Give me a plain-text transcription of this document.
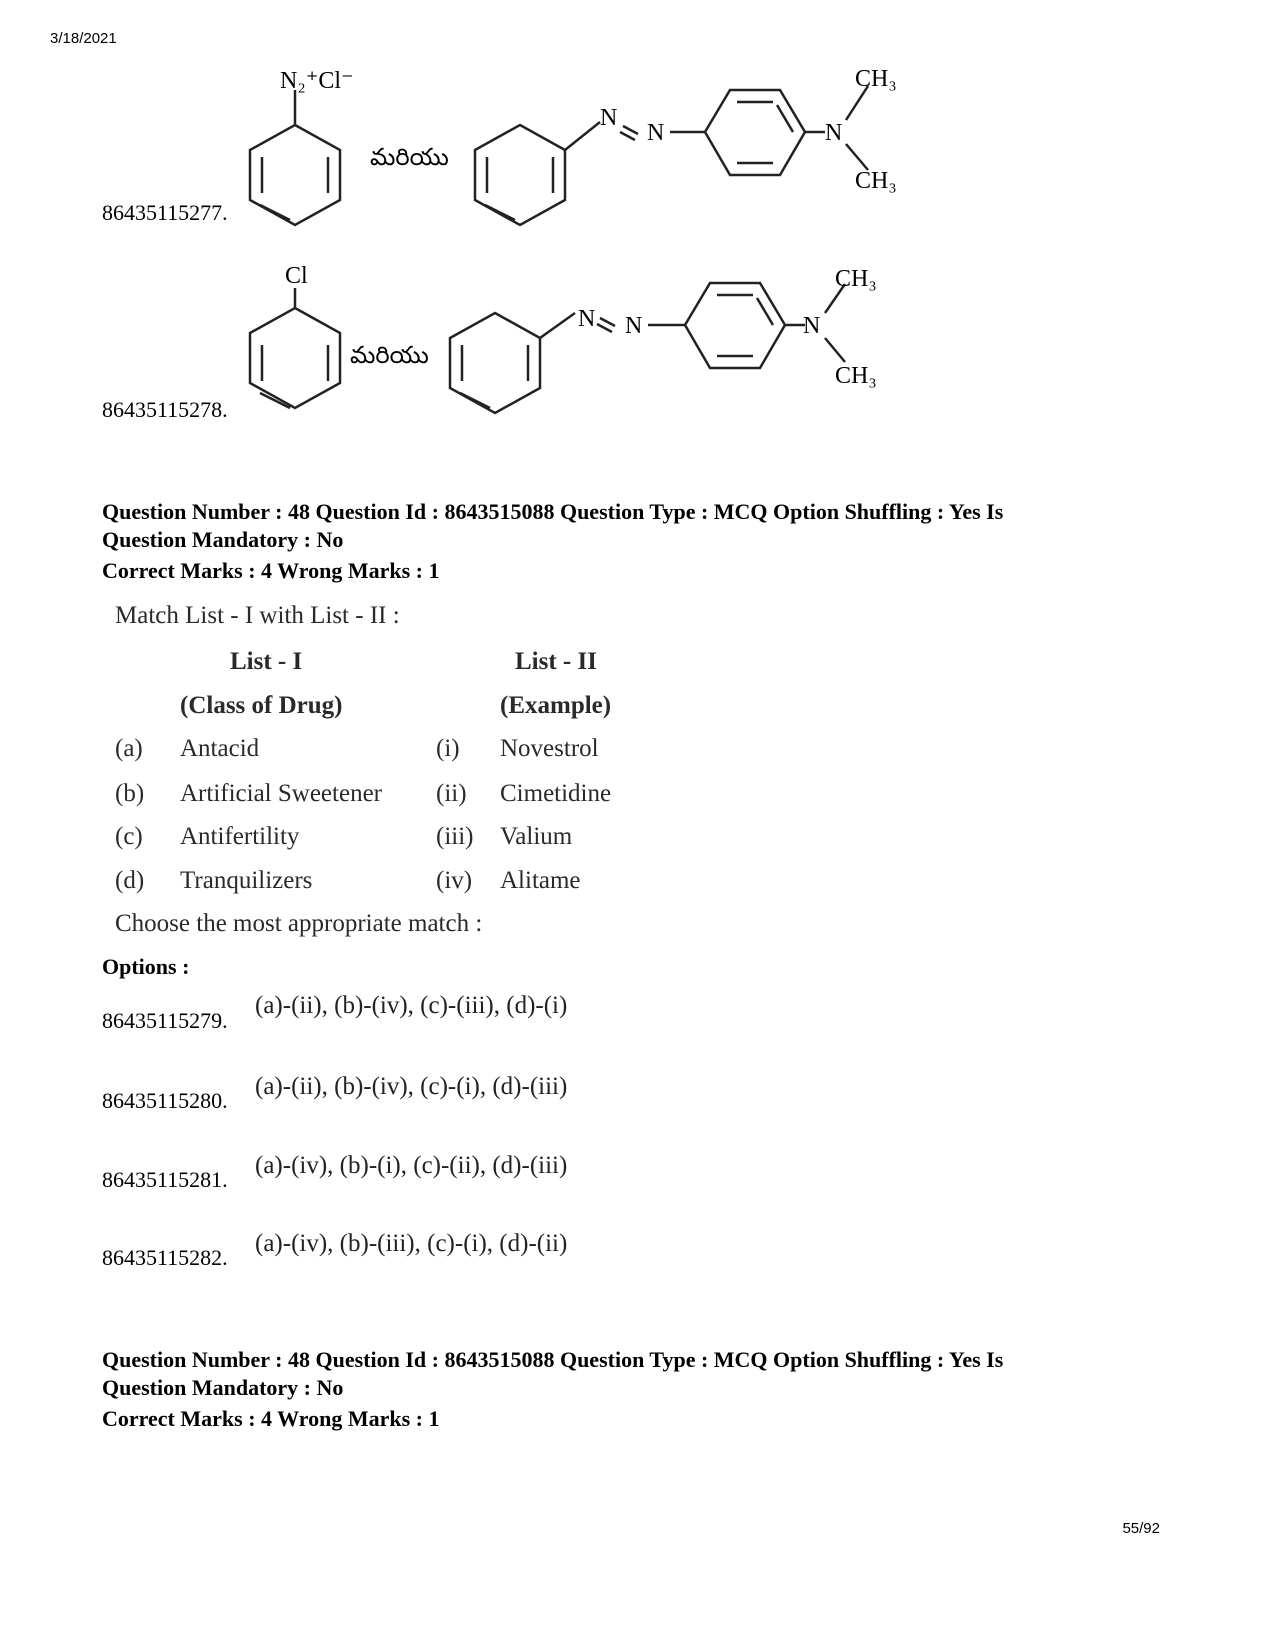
3/18/2021
N₂⁺Cl⁻
మరియు
N
N	N
CH₃
CH₃
86435115277.
Cl
మరియు
N N	N
CH₃
CH₃
86435115278.
Question Number : 48 Question Id : 8643515088 Question Type : MCQ Option Shuffling : Yes Is
Question Mandatory : No
Correct Marks : 4 Wrong Marks : 1
Match List - I with List - II :
List - I	List - II
(Class of Drug)	(Example)
(a) Antacid	(i) Novestrol
(b) Artificial Sweetener (ii) Cimetidine
(c) Antifertility	(iii) Valium
(d) Tranquilizers	(iv) Alitame
Choose the most appropriate match :
Options :
86435115279.
(a)-(ii), (b)-(iv), (c)-(iii), (d)-(i)
86435115280.
(a)-(ii), (b)-(iv), (c)-(i), (d)-(iii)
86435115281.
(a)-(iv), (b)-(i), (c)-(ii), (d)-(iii)
86435115282.
(a)-(iv), (b)-(iii), (c)-(i), (d)-(ii)
Question Number : 48 Question Id : 8643515088 Question Type : MCQ Option Shuffling : Yes Is
Question Mandatory : No
Correct Marks : 4 Wrong Marks : 1
55/92
